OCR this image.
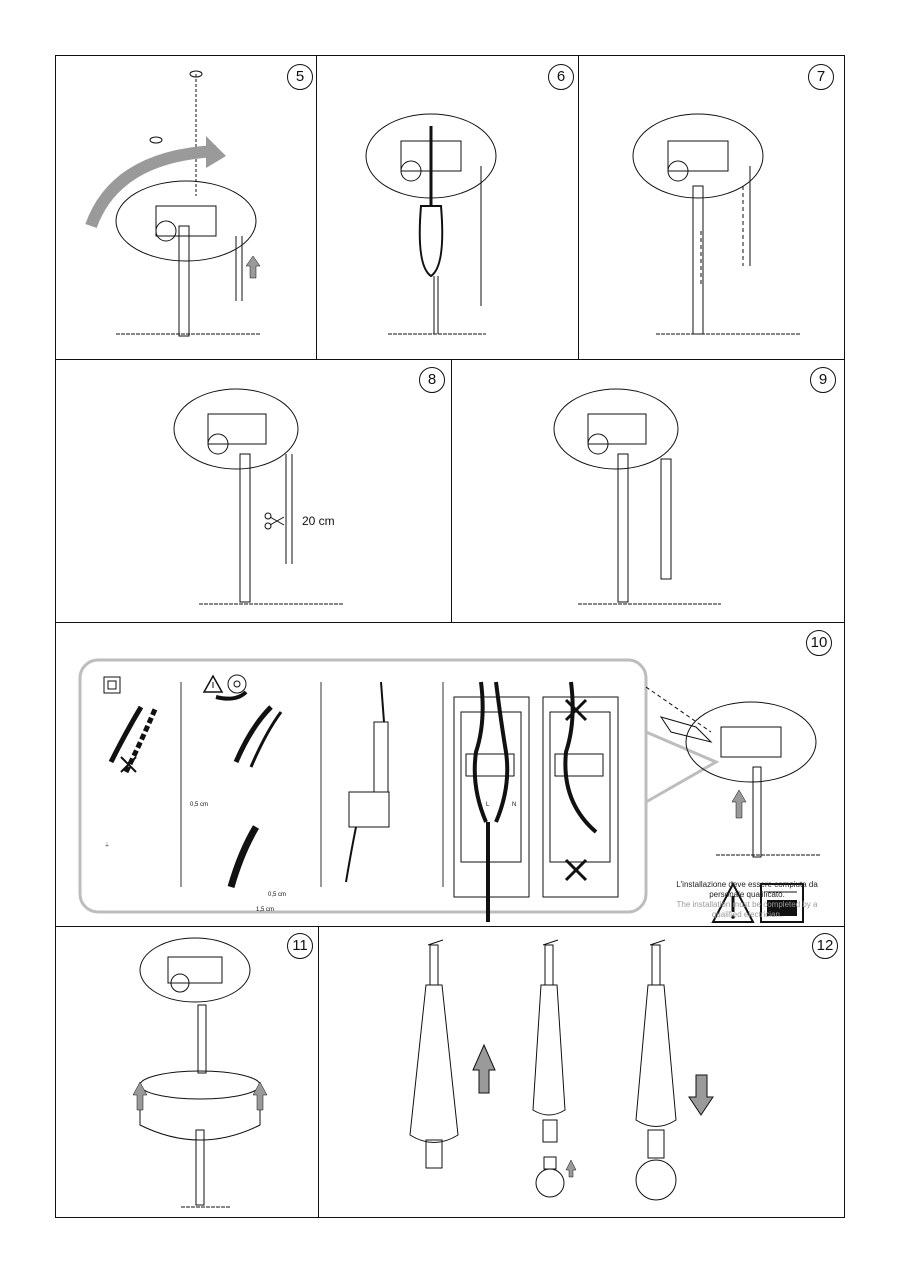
5	6	7
8
20 cm
9
10
0,5 cm
0,5 cm
1,5 cm
L	N
⏚
L'installazione deve essere compiuta da personale qualificato.
The installation must be completed by a qualified electrician.
11	12
